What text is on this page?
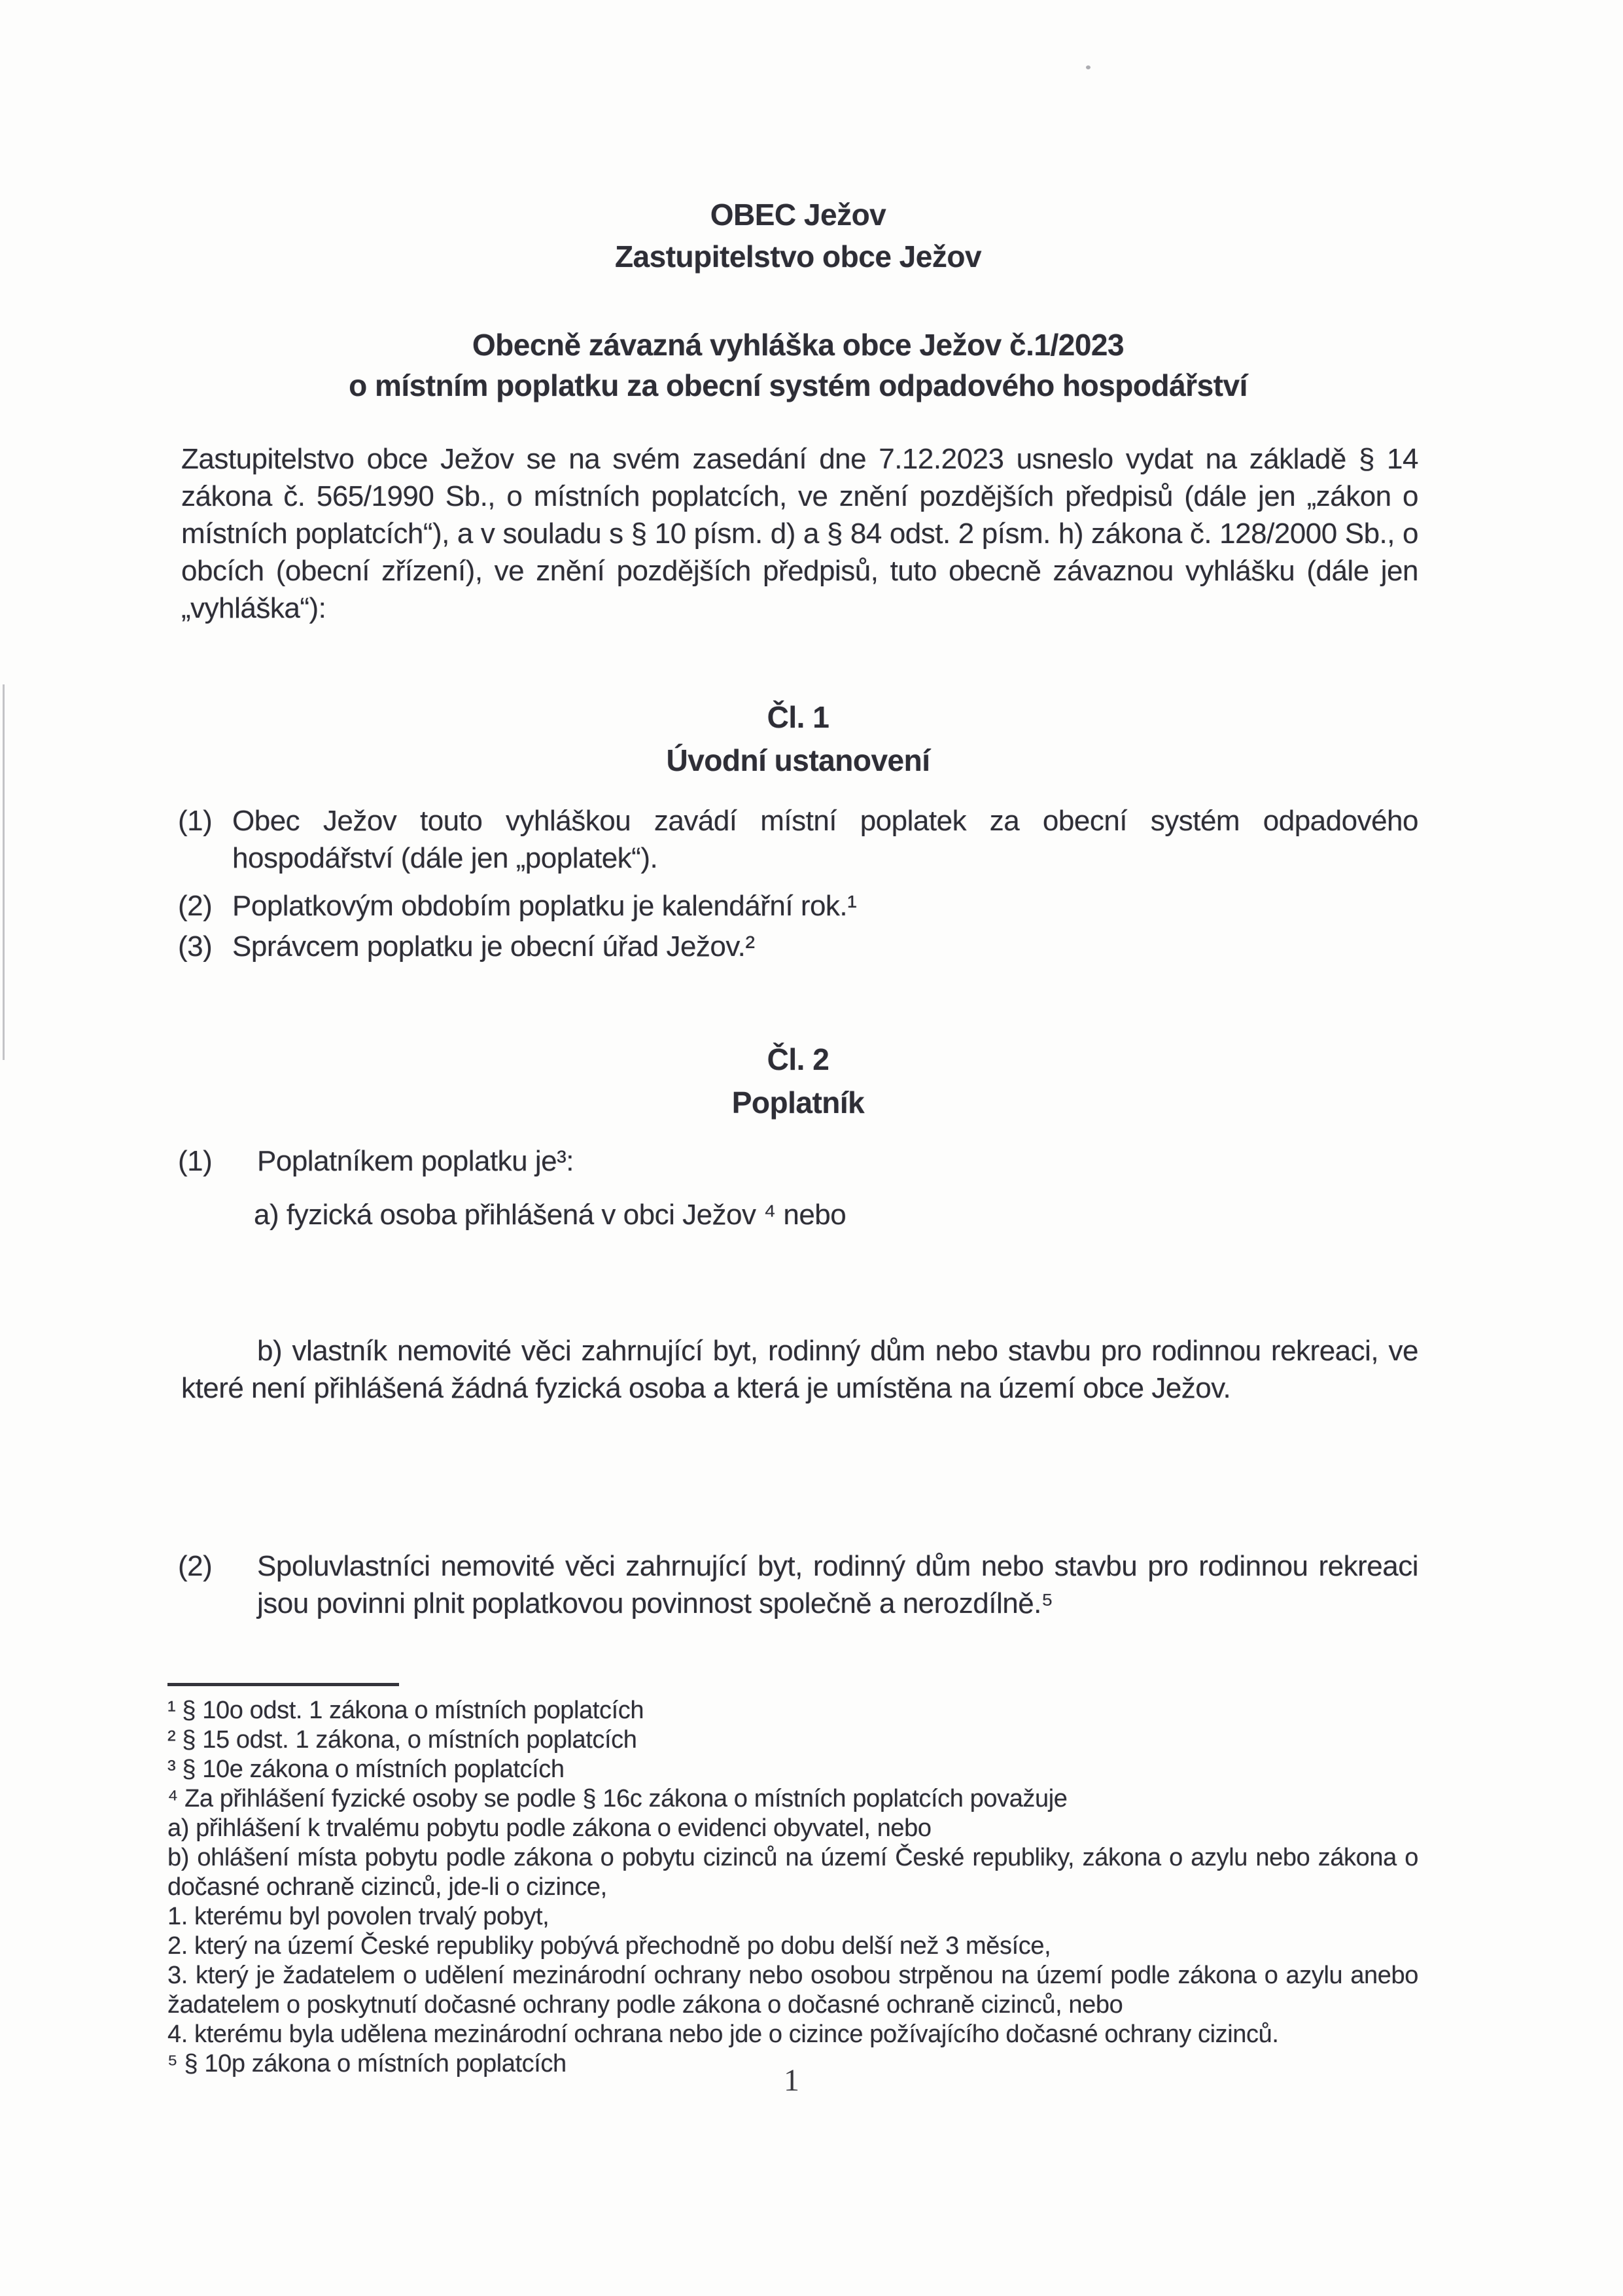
OBEC Ježov
Zastupitelstvo obce Ježov
Obecně závazná vyhláška obce Ježov č.1/2023
o místním poplatku za obecní systém odpadového hospodářství
Zastupitelstvo obce Ježov se na svém zasedání dne 7.12.2023 usneslo vydat na základě § 14 zákona č. 565/1990 Sb., o místních poplatcích, ve znění pozdějších předpisů (dále jen „zákon o místních poplatcích“), a v souladu s § 10 písm. d) a § 84 odst. 2 písm. h) zákona č. 128/2000 Sb., o obcích (obecní zřízení), ve znění pozdějších předpisů, tuto obecně závaznou vyhlášku (dále jen „vyhláška“):
Čl. 1
Úvodní ustanovení
(1) Obec Ježov touto vyhláškou zavádí místní poplatek za obecní systém odpadového hospodářství (dále jen „poplatek“).
(2) Poplatkovým obdobím poplatku je kalendářní rok.¹
(3) Správcem poplatku je obecní úřad Ježov.²
Čl. 2
Poplatník
(1) Poplatníkem poplatku je³:
a) fyzická osoba přihlášená v obci Ježov ⁴ nebo
b) vlastník nemovité věci zahrnující byt, rodinný dům nebo stavbu pro rodinnou rekreaci, ve které není přihlášená žádná fyzická osoba a která je umístěna na území obce Ježov.
(2) Spoluvlastníci nemovité věci zahrnující byt, rodinný dům nebo stavbu pro rodinnou rekreaci jsou povinni plnit poplatkovou povinnost společně a nerozdílně.⁵
¹ § 10o odst. 1 zákona o místních poplatcích
² § 15 odst. 1 zákona, o místních poplatcích
³ § 10e zákona o místních poplatcích
⁴ Za přihlášení fyzické osoby se podle § 16c zákona o místních poplatcích považuje
a) přihlášení k trvalému pobytu podle zákona o evidenci obyvatel, nebo
b) ohlášení místa pobytu podle zákona o pobytu cizinců na území České republiky, zákona o azylu nebo zákona o dočasné ochraně cizinců, jde-li o cizince,
1. kterému byl povolen trvalý pobyt,
2. který na území České republiky pobývá přechodně po dobu delší než 3 měsíce,
3. který je žadatelem o udělení mezinárodní ochrany nebo osobou strpěnou na území podle zákona o azylu anebo žadatelem o poskytnutí dočasné ochrany podle zákona o dočasné ochraně cizinců, nebo
4. kterému byla udělena mezinárodní ochrana nebo jde o cizince požívajícího dočasné ochrany cizinců.
⁵ § 10p zákona o místních poplatcích	1
